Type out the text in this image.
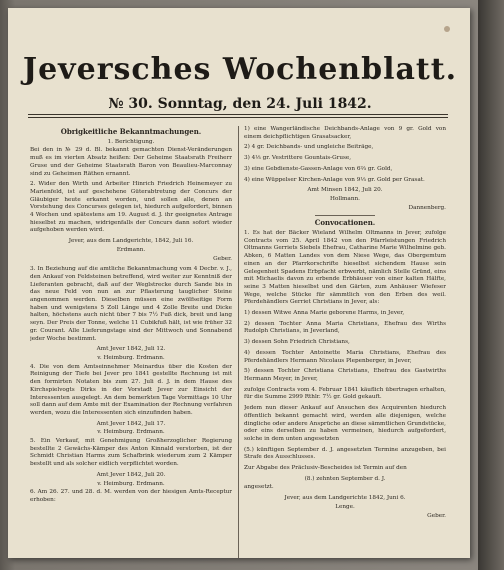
Jeversches Wochenblatt.
№ 30. Sonntag, den 24. Juli 1842.
Obrigkeitliche Bekanntmachungen.
1. Berichtigung.
Bei den in № 29 d. Bl. bekannt gemachten Dienst-Veränderungen muß es im vierten Absatz heißen: Der Geheime Staatsrath Freiherr Gruse und der Geheime Staatsrath Baron von Beaulieu-Marconnay sind zu Geheimen Räthen ernannt.
2. Wider den Wirth und Arbeiter Hinrich Friedrich Heinemeyer zu Marienfeld, ist auf geschehene Güterabtretung der Concurs der Gläubiger heute erkannt worden, und sollen alle, denen an Vorstehung des Concurses gelegen ist, hiedurch aufgefordert, binnen 4 Wochen und spätestens am 19. August d. J. ihr geeignetes Antrage hieselbst zu machen, widrigenfalls der Concurs dann sofort wieder aufgehoben werden wird.
Jever, aus dem Landgerichte, 1842, Juli 16.
Erdmann.
Geber.
3. In Beziehung auf die amtliche Bekanntmachung vom 4 Decbr. v. J., den Ankauf von Feldsteinen betreffend, wird weiter zur Kenntniß der Lieferanten gebracht, daß auf der Weglstrecke durch Sande bis in das neue Feld von nun an zur Pflasterung tauglicher Steine angenommen werden. Dieselben müssen eine zwölfseitige Form haben und wenigstens 5 Zoll Länge und 4 Zolle Breite und Dicke halten, höchstens auch nicht über 7 bis 7½ Fuß dick, breit und lang seyn. Der Preis der Tonne, welche 11 Cubikfuß hält, ist wie früher 32 gr. Courant. Alle Lieferungstage sind der Mittwoch und Sonnabend jeder Woche bestimmt.
Amt Jever 1842, Juli 12.
v. Heimburg. Erdmann.
4. Die von dem Amtseinnehmer Meinardus über die Kosten der Reinigung der Tiefe bei Jever pro 1841 gestellte Rechnung ist mit den formirten Notaten bis zum 27. Juli d. J. in dem Hause des Kirchspielvogts Dirks in der Vorstadt Jever zur Einsicht der Interessenten ausgelegt. An dem bemerkten Tage Vormittags 10 Uhr soll dann auf dem Amte mit der Examination der Rechnung verfahren werden, wozu die Interessenten sich einzufinden haben.
Amt Jever 1842, Juli 17.
v. Heimburg. Erdmann.
5. Ein Verkauf, mit Genehmigung Großherzoglicher Regierung bestellte 2 Gewächs-Kämper des Anton Kinnald verstorben, ist der Schmidt Christian Harms zum Schafbrink wiederum zum 2 Kämper bestellt und als solcher eidlich verpflichtet worden.
Amt Jever 1842, Juli 20.
v. Heimburg. Erdmann.
6. Am 26. 27. und 28. d. M. werden von der hiesigen Amts-Receptur erhoben:
1) eine Wangerländische Deichbands-Anlage von 9 gr. Gold von einem deichpflichtigen Grasatsacker,
2) 4 gr. Deichbands- und ungleiche Beiträge,
3) 4⅓ gr. Vestrittere Gountais-Gruse,
3) eine Gebdienste-Gassen-Anlage von 6⅔ gr. Gold,
4) eine Wüppelser Kirchen-Anlage von 9⅓ gr. Gold per Grasat.
Amt Minsen 1842, Juli 20.
Hollmann.
Dannenberg.
Convocationen.
1. Es hat der Bäcker Wieland Wilhelm Oltmanns in Jever, zufolge Contracts vom 25. April 1842 von den Pfarrleistungen Friedrich Oltmanns Gerriets Siebels Ehefrau, Catharine Marie Wilhelmine geb. Abken, 6 Matten Landes von dem Niese Wege, das Obergemtum einen an der Pfarrkorschrifte hieselbst sichendem Hause sein Gelegenheit Spadens Erbpfacht erbwerbt, nämlich Stelle Gründ, eins mit Michaelis davon zu erbende Erbhäuser von einer kalten Hälfte, seine 3 Matten hieselbst und den Gärten, zum Anhäuser Wiefeser Wege, welche Stücke für sämmtlich von den Erben des weil. Pferdehändlers Gerriet Christians in Jever, als:
1) dessen Witwe Anna Marie geborene Harms, in Jever,
2) dessen Tochter Anna Maria Christians, Ehefrau des Wirths Rudolph Christians, in Jeverland,
3) dessen Sohn Friedrich Christians,
4) dessen Tochter Antoinette Maria Christians, Ehefrau des Pferdehändlers Hermann Nicolaus Plepenberger, in Jever,
5) dessen Tochter Christiana Christians, Ehefrau des Gastwirths Hermann Meyer, in Jever,
zufolge Contracts vom 4. Februar 1841 käuflich übertragen erhalten, für die Summe 2999 Rthlr. 7½ gr. Gold gekauft.
Jedem nun dieser Ankauf auf Ansuchen des Acquirenten hiedurch öffentlich bekannt gemacht wird, werden alle diejenigen, welche dingliche oder andere Ansprüche an diese sämmtlichen Grundstücke, oder eins derselben zu haben vermeinen, hiedurch aufgefordert, solche in dem unten angesetzten
(5.) künftigen September d. J. angesetzten Termine anzugeben, bei Strafe des Ausschlusses.
Zur Abgabe des Präclusiv-Bescheides ist Termin auf den
(8.) zehnten September d. J.
angesetzt.
Jever, aus dem Landgerichte 1842, Juni 6.
Lenge.
Geber.
